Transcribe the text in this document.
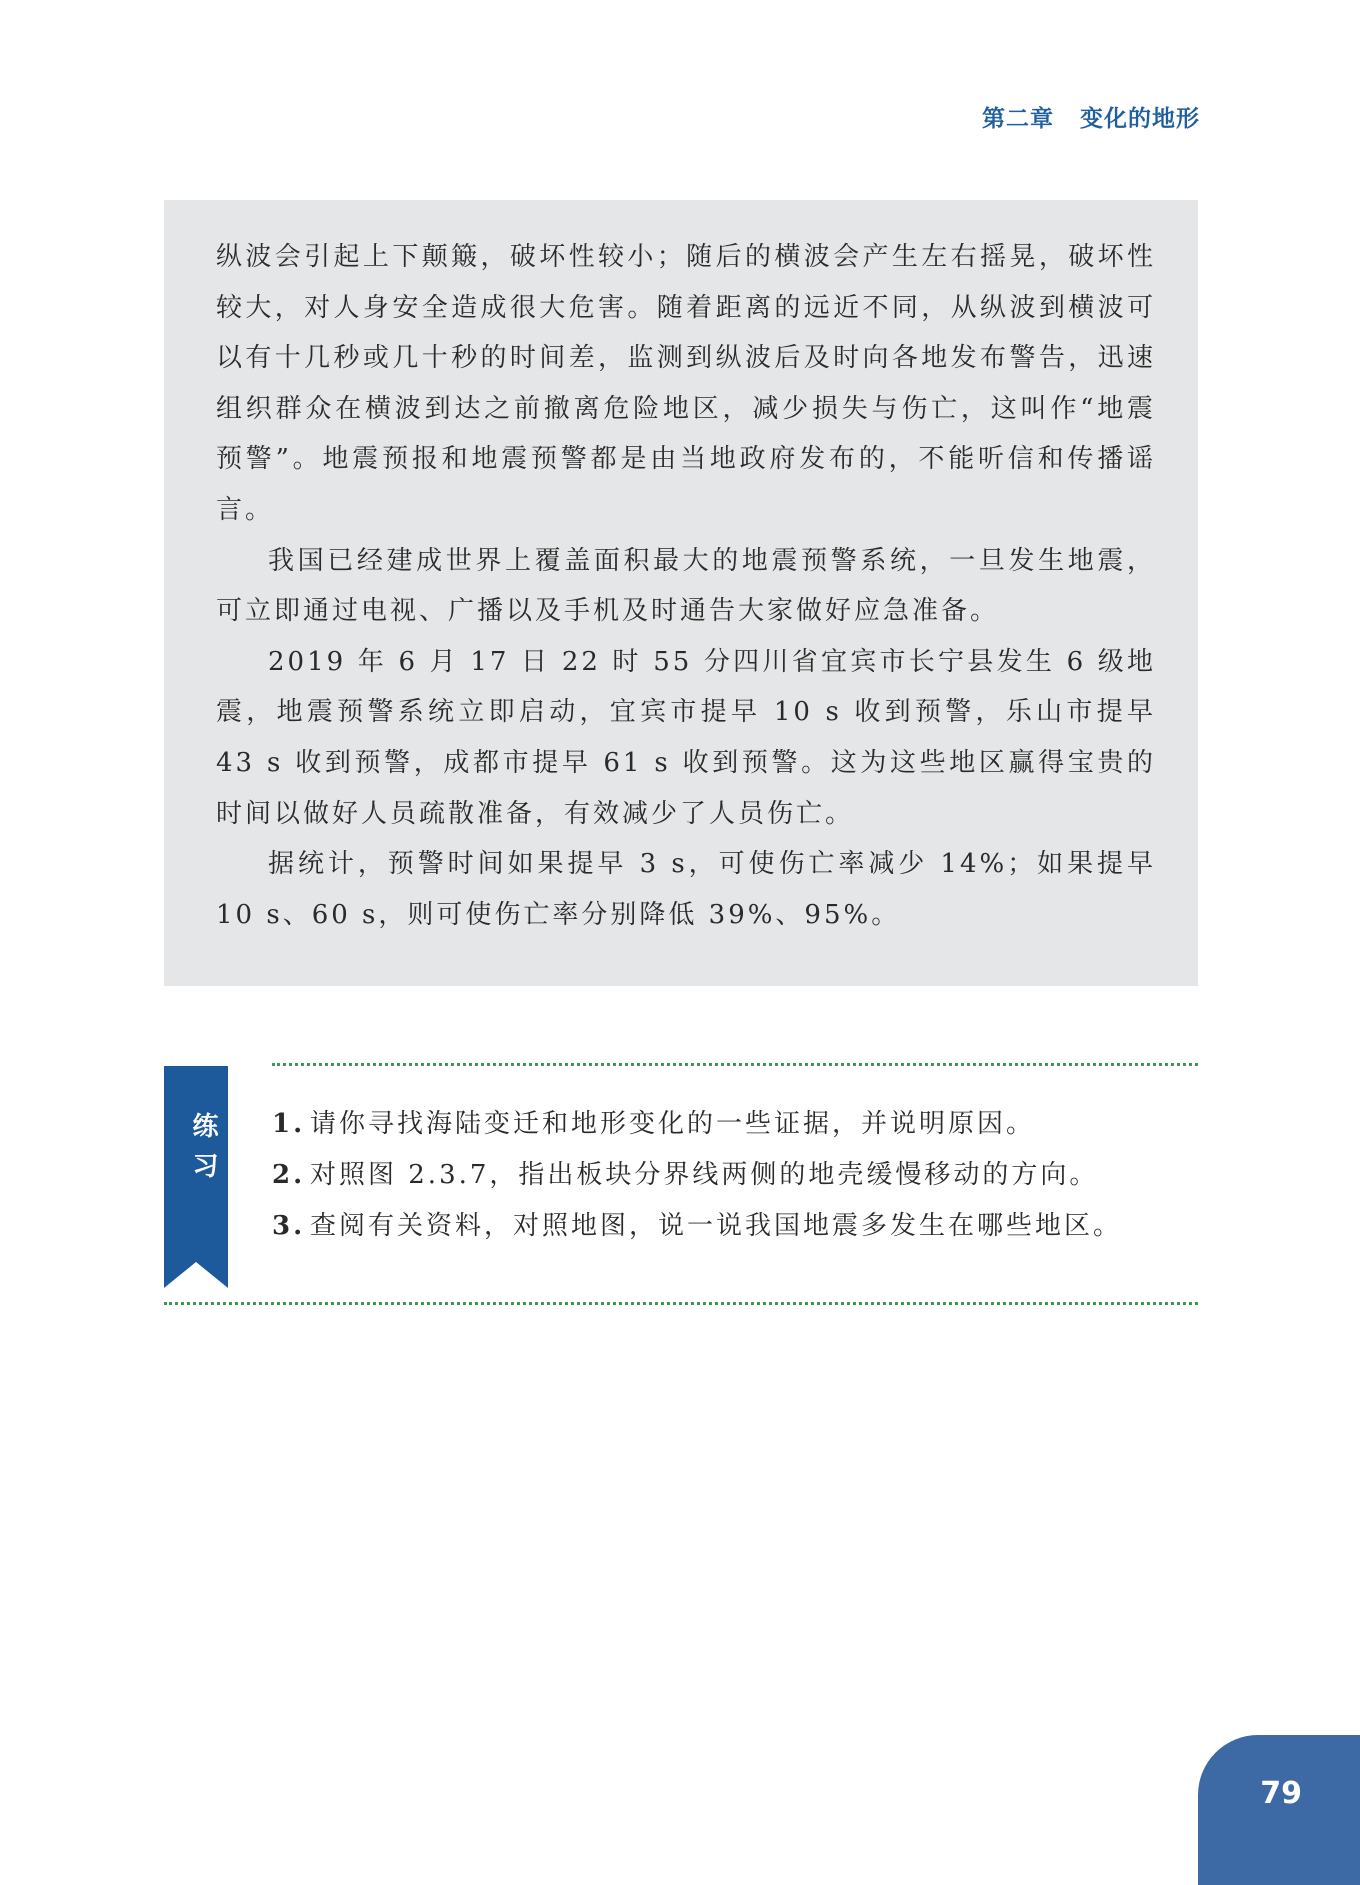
第二章 变化的地形

纵波会引起上下颠簸，破坏性较小；随后的横波会产生左右摇晃，破坏性较大，对人身安全造成很大危害。随着距离的远近不同，从纵波到横波可以有十几秒或几十秒的时间差，监测到纵波后及时向各地发布警告，迅速组织群众在横波到达之前撤离危险地区，减少损失与伤亡，这叫作“地震预警”。地震预报和地震预警都是由当地政府发布的，不能听信和传播谣言。

我国已经建成世界上覆盖面积最大的地震预警系统，一旦发生地震，可立即通过电视、广播以及手机及时通告大家做好应急准备。

2019 年 6 月 17 日 22 时 55 分四川省宜宾市长宁县发生 6 级地震，地震预警系统立即启动，宜宾市提早 10 s 收到预警，乐山市提早 43 s 收到预警，成都市提早 61 s 收到预警。这为这些地区赢得宝贵的时间以做好人员疏散准备，有效减少了人员伤亡。

据统计，预警时间如果提早 3 s，可使伤亡率减少 14%；如果提早 10 s、60 s，则可使伤亡率分别降低 39%、95%。

练习	1. 请你寻找海陆变迁和地形变化的一些证据，并说明原因。
2. 对照图 2.3.7，指出板块分界线两侧的地壳缓慢移动的方向。
3. 查阅有关资料，对照地图，说一说我国地震多发生在哪些地区。
79
